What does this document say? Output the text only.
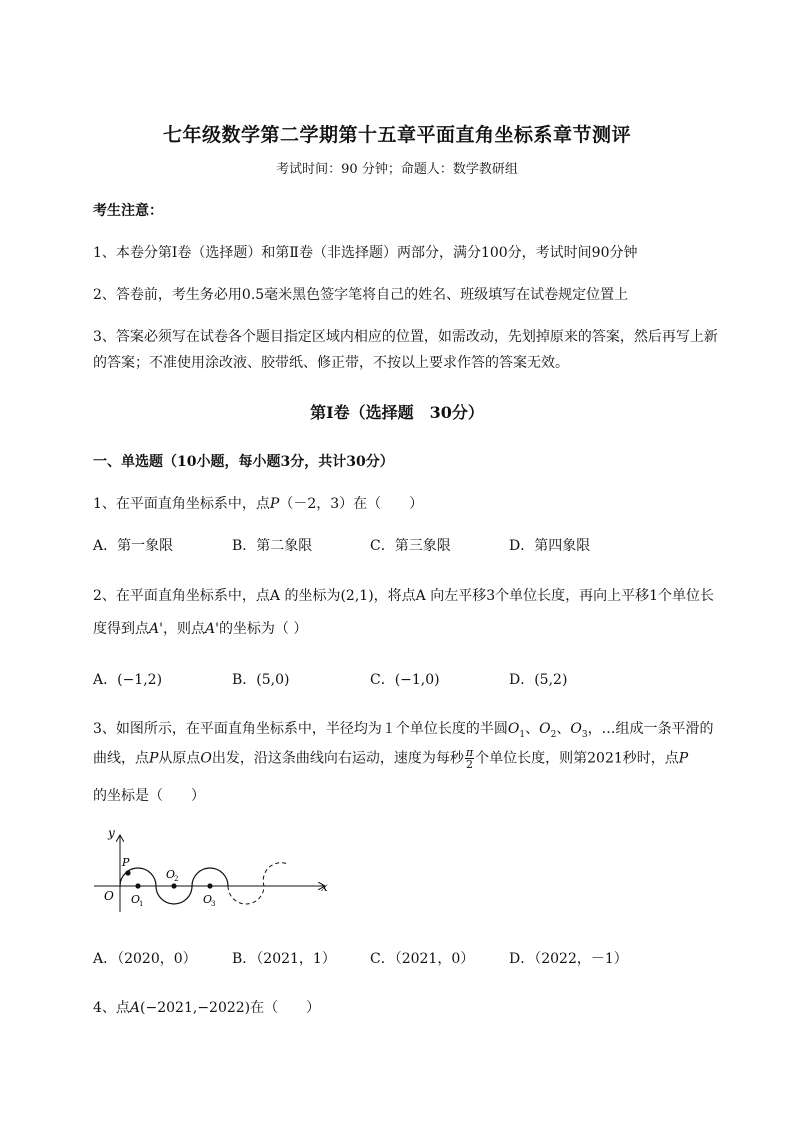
七年级数学第二学期第十五章平面直角坐标系章节测评
考试时间：90 分钟；命题人：数学教研组
考生注意：
1、本卷分第Ⅰ卷（选择题）和第Ⅱ卷（非选择题）两部分，满分100分，考试时间90分钟
2、答卷前，考生务必用0.5毫米黑色签字笔将自己的姓名、班级填写在试卷规定位置上
3、答案必须写在试卷各个题目指定区域内相应的位置，如需改动，先划掉原来的答案，然后再写上新
的答案；不准使用涂改液、胶带纸、修正带，不按以上要求作答的答案无效。
第Ⅰ卷（选择题　30分）
一、单选题（10小题，每小题3分，共计30分）
1、在平面直角坐标系中，点P（－2，3）在（　　）
A．第一象限	B．第二象限	C．第三象限	D．第四象限
2、在平面直角坐标系中，点A 的坐标为(2,1)，将点A 向左平移3个单位长度，再向上平移1个单位长
度得到点A'，则点A'的坐标为（ ）
A．(−1,2)	B．(5,0)	C．(−1,0)	D．(5,2)
3、如图所示，在平面直角坐标系中，半径均为１个单位长度的半圆$O_1$、$O_2$、$O_3$，…组成一条平滑的
曲线，点P从原点O出发，沿这条曲线向右运动，速度为每秒 $\frac{\pi}{2}$ 个单位长度，则第2021秒时，点P
的坐标是（　　）
y
x
O
P
O
1
O
2
O
3
A．（2020，0）	B．（2021，1） C．（2021，0） D．（2022，－1）
4、点A(−2021,−2022)在（　　）
